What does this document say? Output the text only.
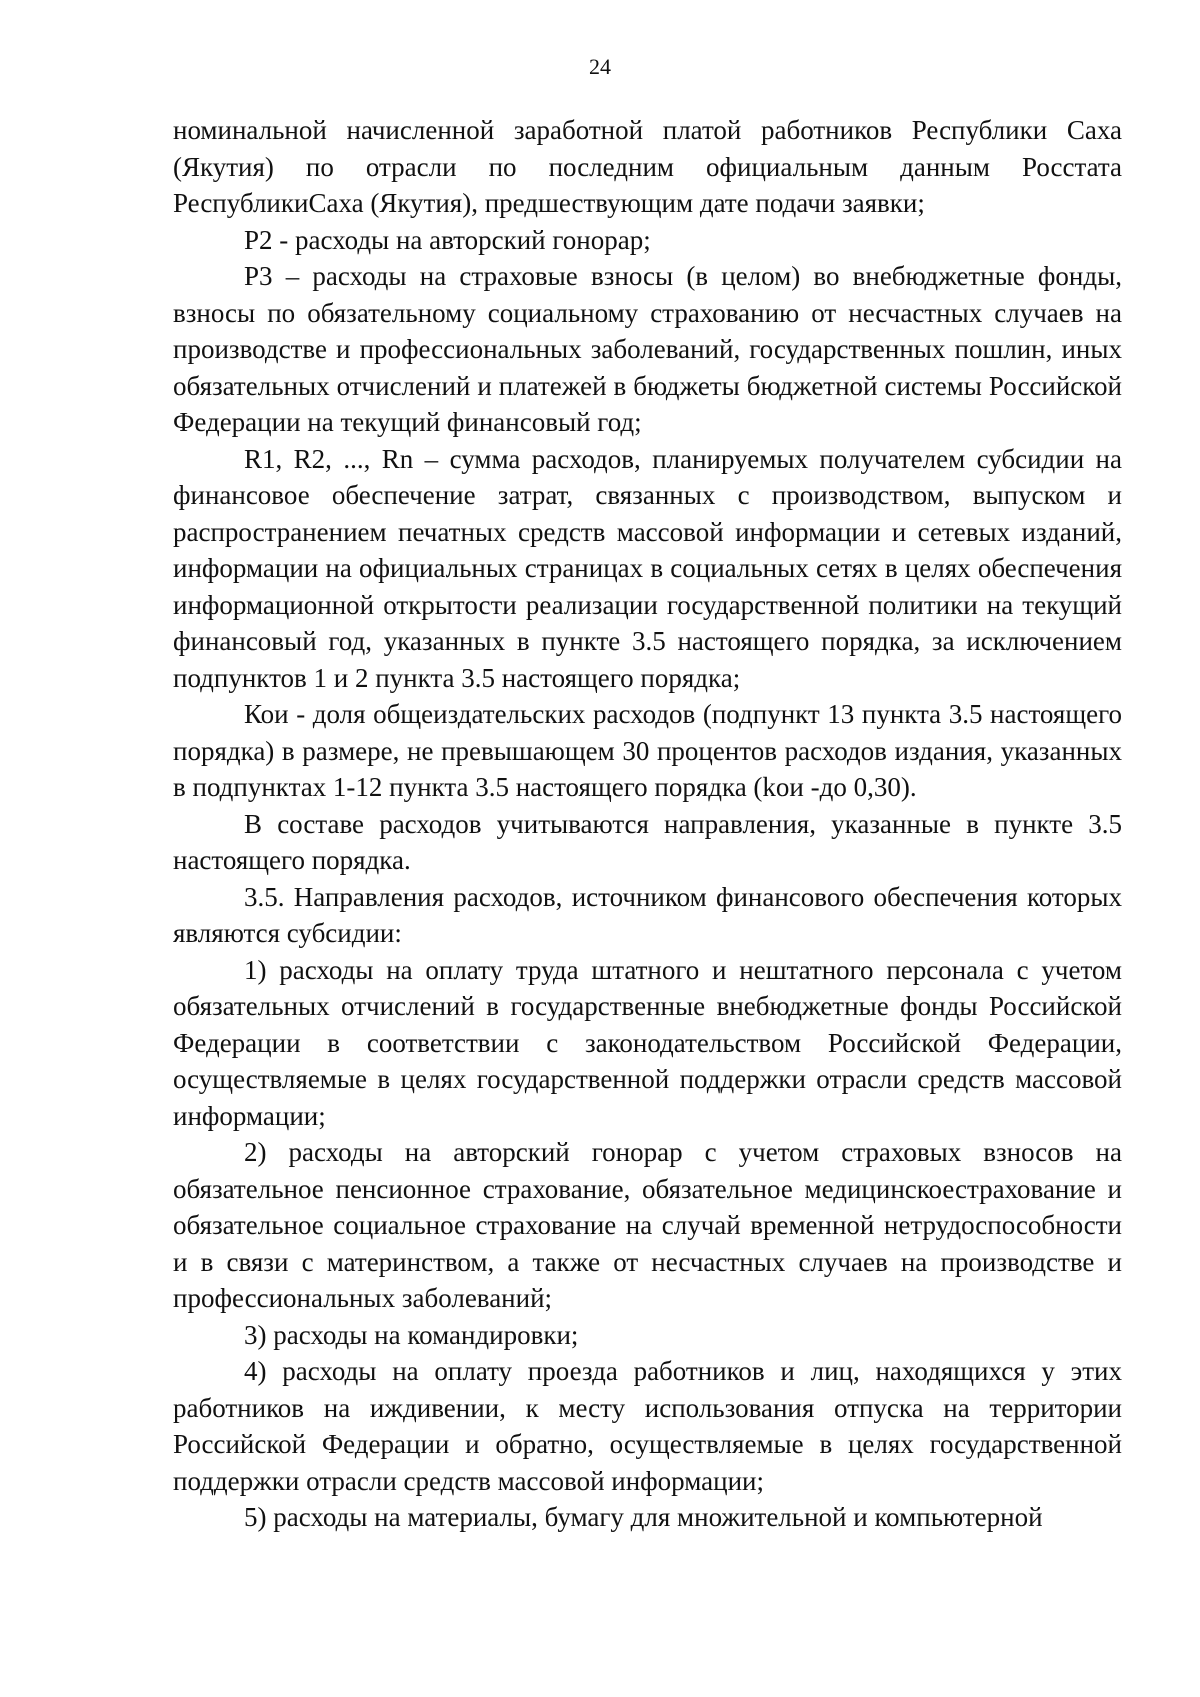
24

номинальной начисленной заработной платой работников Республики Саха (Якутия) по отрасли по последним официальным данным Росстата РеспубликиСаха (Якутия), предшествующим дате подачи заявки;

Р2 - расходы на авторский гонорар;

Р3 – расходы на страховые взносы (в целом) во внебюджетные фонды, взносы по обязательному социальному страхованию от несчастных случаев на производстве и профессиональных заболеваний, государственных пошлин, иных обязательных отчислений и платежей в бюджеты бюджетной системы Российской Федерации на текущий финансовый год;

R1, R2, ..., Rn – сумма расходов, планируемых получателем субсидии на финансовое обеспечение затрат, связанных с производством, выпуском и распространением печатных средств массовой информации и сетевых изданий, информации на официальных страницах в социальных сетях в целях обеспечения информационной открытости реализации государственной политики на текущий финансовый год, указанных в пункте 3.5 настоящего порядка, за исключением подпунктов 1 и 2 пункта 3.5 настоящего порядка;

Кои - доля общеиздательских расходов (подпункт 13 пункта 3.5 настоящего порядка) в размере, не превышающем 30 процентов расходов издания, указанных в подпунктах 1-12 пункта 3.5 настоящего порядка (kои -до 0,30).

В составе расходов учитываются направления, указанные в пункте 3.5 настоящего порядка.

3.5. Направления расходов, источником финансового обеспечения которых являются субсидии:

1) расходы на оплату труда штатного и нештатного персонала с учетом обязательных отчислений в государственные внебюджетные фонды Российской Федерации в соответствии с законодательством Российской Федерации, осуществляемые в целях государственной поддержки отрасли средств массовой информации;

2) расходы на авторский гонорар с учетом страховых взносов на обязательное пенсионное страхование, обязательное медицинскоестрахование и обязательное социальное страхование на случай временной нетрудоспособности и в связи с материнством, а также от несчастных случаев на производстве и профессиональных заболеваний;

3) расходы на командировки;

4) расходы на оплату проезда работников и лиц, находящихся у этих работников на иждивении, к месту использования отпуска на территории Российской Федерации и обратно, осуществляемые в целях государственной поддержки отрасли средств массовой информации;

5) расходы на материалы, бумагу для множительной и компьютерной
